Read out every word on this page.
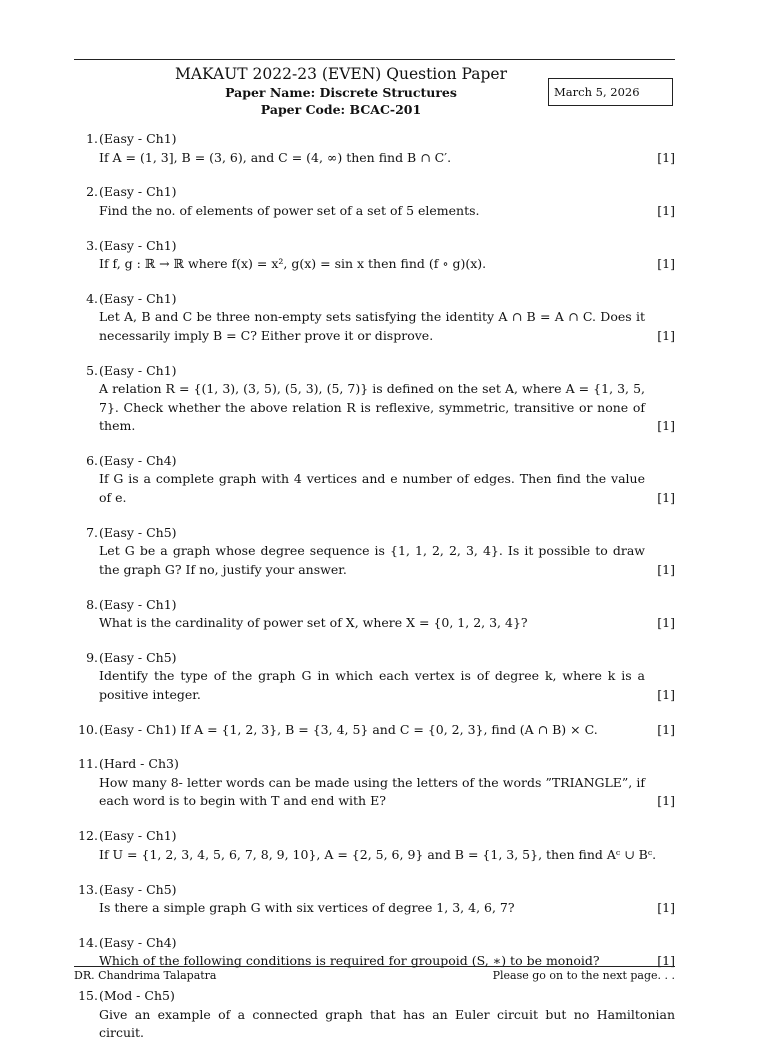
MAKAUT 2022-23 (EVEN) Question Paper
Paper Name: Discrete Structures
Paper Code: BCAC-201
March 5, 2026
1. (Easy - Ch1)
If A = (1, 3], B = (3, 6), and C = (4, ∞) then find B ∩ C′.	[1]
2. (Easy - Ch1)
Find the no. of elements of power set of a set of 5 elements.	[1]
3. (Easy - Ch1)
If f, g : ℝ → ℝ where f(x) = x², g(x) = sin x then find (f ∘ g)(x).	[1]
4. (Easy - Ch1)
Let A, B and C be three non-empty sets satisfying the identity A ∩ B = A ∩ C. Does it necessarily imply B = C? Either prove it or disprove.	[1]
5. (Easy - Ch1)
A relation R = {(1, 3), (3, 5), (5, 3), (5, 7)} is defined on the set A, where A = {1, 3, 5, 7}. Check whether the above relation R is reflexive, symmetric, transitive or none of them.	[1]
6. (Easy - Ch4)
If G is a complete graph with 4 vertices and e number of edges. Then find the value of e.	[1]
7. (Easy - Ch5)
Let G be a graph whose degree sequence is {1, 1, 2, 2, 3, 4}. Is it possible to draw the graph G? If no, justify your answer.	[1]
8. (Easy - Ch1)
What is the cardinality of power set of X, where X = {0, 1, 2, 3, 4}?	[1]
9. (Easy - Ch5)
Identify the type of the graph G in which each vertex is of degree k, where k is a positive integer.	[1]
10. (Easy - Ch1) If A = {1, 2, 3}, B = {3, 4, 5} and C = {0, 2, 3}, find (A ∩ B) × C.	[1]
11. (Hard - Ch3)
How many 8- letter words can be made using the letters of the words ”TRIANGLE”, if each word is to begin with T and end with E?	[1]
12. (Easy - Ch1)
If U = {1, 2, 3, 4, 5, 6, 7, 8, 9, 10}, A = {2, 5, 6, 9} and B = {1, 3, 5}, then find Aᶜ ∪ Bᶜ.
13. (Easy - Ch5)
Is there a simple graph G with six vertices of degree 1, 3, 4, 6, 7?	[1]
14. (Easy - Ch4)
Which of the following conditions is required for groupoid (S, ∗) to be monoid?	[1]
15. (Mod - Ch5)
Give an example of a connected graph that has an Euler circuit but no Hamiltonian circuit.
DR. Chandrima Talapatra	Please go on to the next page. . .
